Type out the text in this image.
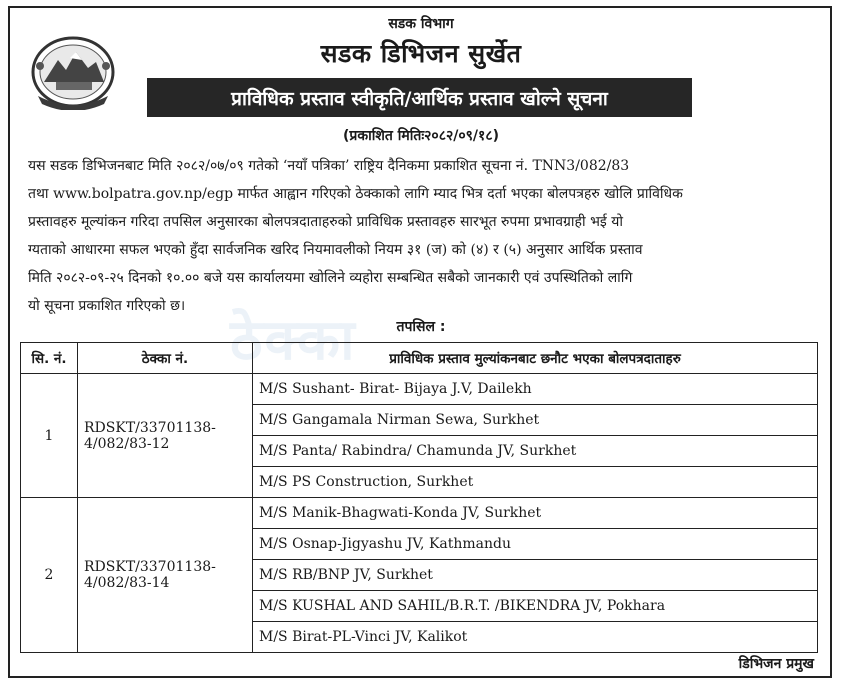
ठेक्का
सडक विभाग
सडक डिभिजन सुर्खेत
प्राविधिक प्रस्ताव स्वीकृति/आर्थिक प्रस्ताव खोल्ने सूचना
(प्रकाशित मितिः२०८२/०९/१८)
यस सडक डिभिजनबाट मिति २०८२/०७/०९ गतेको ‘नयाँ पत्रिका’ राष्ट्रिय दैनिकमा प्रकाशित सूचना नं. TNN3/082/83
तथा www.bolpatra.gov.np/egp मार्फत आह्वान गरिएको ठेक्काको लागि म्याद भित्र दर्ता भएका बोलपत्रहरु खोलि प्राविधिक
प्रस्तावहरु मूल्यांकन गरिदा तपसिल अनुसारका बोलपत्रदाताहरुको प्राविधिक प्रस्तावहरु सारभूत रुपमा प्रभावग्राही भई यो
ग्यताको आधारमा सफल भएको हुँदा सार्वजनिक खरिद नियमावलीको नियम ३१ (ज) को (४) र (५) अनुसार आर्थिक प्रस्ताव
मिति २०८२-०९-२५ दिनको १०.०० बजे यस कार्यालयमा खोलिने व्यहोरा सम्बन्धित सबैको जानकारी एवं उपस्थितिको लागि
यो सूचना प्रकाशित गरिएको छ।
तपसिल :
सि. नं.	ठेक्का नं.	प्राविधिक प्रस्ताव मुल्यांकनबाट छनौट भएका बोलपत्रदाताहरु
1	RDSKT/33701138-
4/082/83-12	M/S Sushant- Birat- Bijaya J.V, Dailekh
		M/S Gangamala Nirman Sewa, Surkhet
		M/S Panta/ Rabindra/ Chamunda JV, Surkhet
		M/S PS Construction, Surkhet
2	RDSKT/33701138-
4/082/83-14	M/S Manik-Bhagwati-Konda JV, Surkhet
		M/S Osnap-Jigyashu JV, Kathmandu
		M/S RB/BNP JV, Surkhet
		M/S KUSHAL AND SAHIL/B.R.T. /BIKENDRA JV, Pokhara
		M/S Birat-PL-Vinci JV, Kalikot
डिभिजन प्रमुख
